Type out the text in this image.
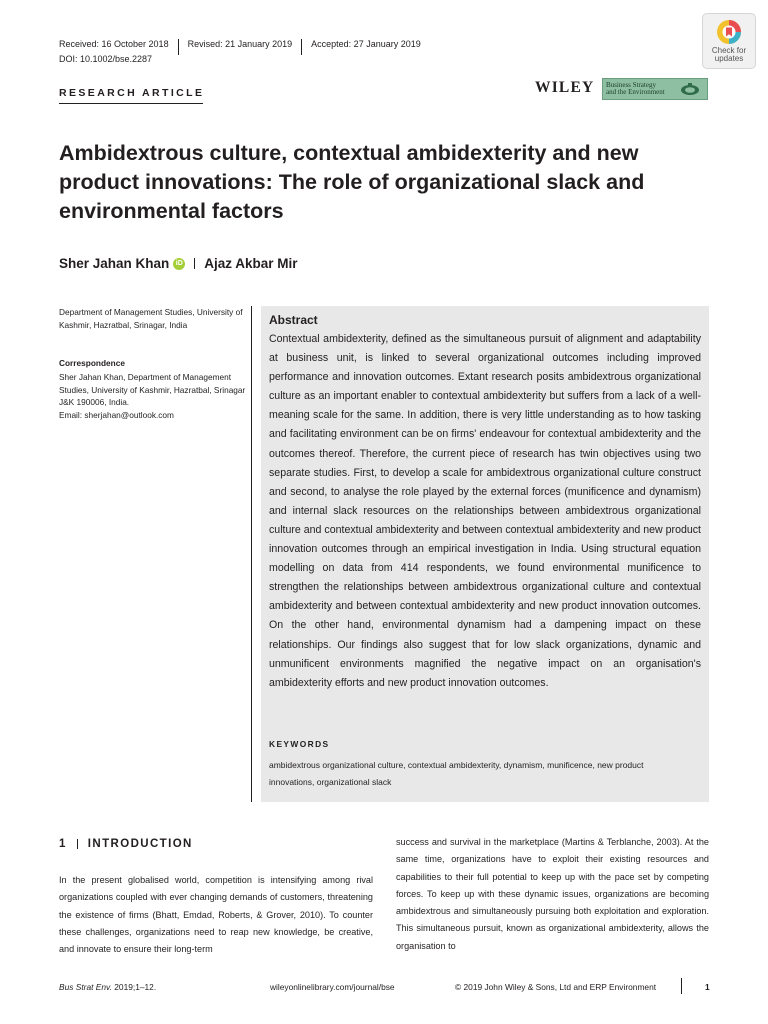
Received: 16 October 2018 Revised: 21 January 2019 Accepted: 27 January 2019
DOI: 10.1002/bse.2287
Check for
updates
RESEARCH ARTICLE	WILEY Business Strategy
and the Environment
Ambidextrous culture, contextual ambidexterity and new product innovations: The role of organizational slack and environmental factors
Sher Jahan Khan iD Ajaz Akbar Mir
Department of Management Studies, University of Kashmir, Hazratbal, Srinagar, India
Correspondence
Sher Jahan Khan, Department of Management Studies, University of Kashmir, Hazratbal, Srinagar J&K 190006, India.
Email: sherjahan@outlook.com
Abstract
Contextual ambidexterity, defined as the simultaneous pursuit of alignment and adaptability at business unit, is linked to several organizational outcomes including improved performance and innovation outcomes. Extant research posits ambidextrous organizational culture as an important enabler to contextual ambidexterity but suffers from a lack of a well-meaning scale for the same. In addition, there is very little understanding as to how tasking and facilitating environment can be on firms' endeavour for contextual ambidexterity and the outcomes thereof. Therefore, the current piece of research has twin objectives using two separate studies. First, to develop a scale for ambidextrous organizational culture construct and second, to analyse the role played by the external forces (munificence and dynamism) and internal slack resources on the relationships between ambidextrous organizational culture and contextual ambidexterity and between contextual ambidexterity and new product innovation outcomes through an empirical investigation in India. Using structural equation modelling on data from 414 respondents, we found environmental munificence to strengthen the relationships between ambidextrous organizational culture and contextual ambidexterity and between contextual ambidexterity and new product innovation outcomes. On the other hand, environmental dynamism had a dampening impact on these relationships. Our findings also suggest that for low slack organizations, dynamic and unmunificent environments magnified the negative impact on an organisation's ambidexterity efforts and new product innovation outcomes.
KEYWORDS
ambidextrous organizational culture, contextual ambidexterity, dynamism, munificence, new product innovations, organizational slack
1 INTRODUCTION
In the present globalised world, competition is intensifying among rival organizations coupled with ever changing demands of customers, threatening the existence of firms (Bhatt, Emdad, Roberts, & Grover, 2010). To counter these challenges, organizations need to reap new knowledge, be creative, and innovate to ensure their long-term
success and survival in the marketplace (Martins & Terblanche, 2003). At the same time, organizations have to exploit their existing resources and capabilities to their full potential to keep up with the pace set by competing forces. To keep up with these dynamic issues, organizations are becoming ambidextrous and simultaneously pursuing both exploitation and exploration. This simultaneous pursuit, known as organizational ambidexterity, allows the organisation to
Bus Strat Env. 2019;1–12.	wileyonlinelibrary.com/journal/bse	© 2019 John Wiley & Sons, Ltd and ERP Environment	1
